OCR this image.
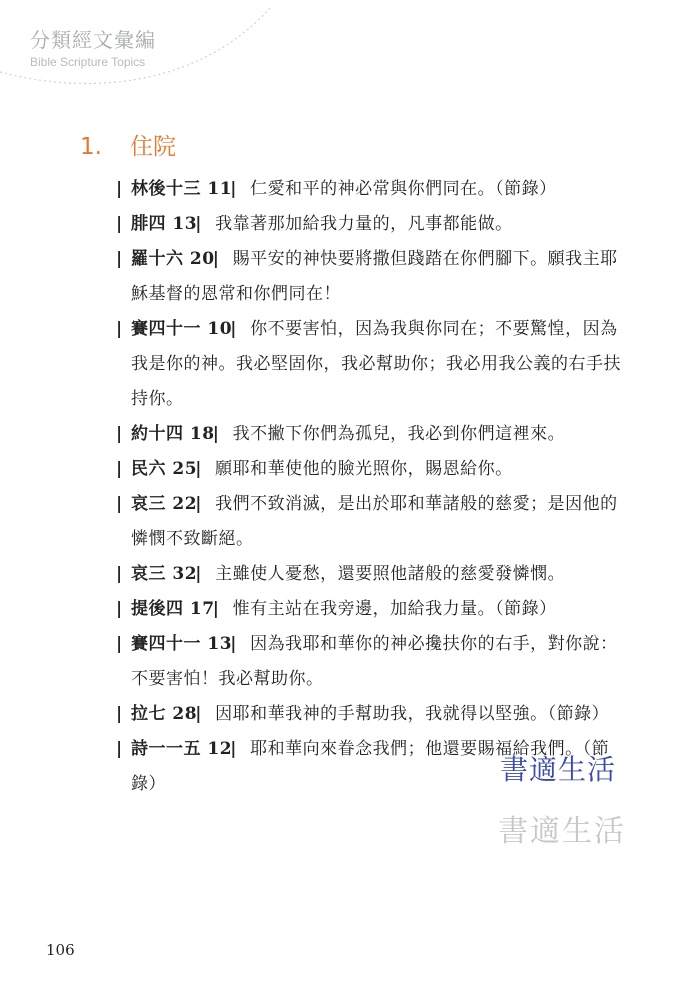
分類經文彙編
Bible Scripture Topics
1. 住院
| 林後十三 11| 仁愛和平的神必常與你們同在。（節錄）
| 腓四 13| 我靠著那加給我力量的，凡事都能做。
| 羅十六 20| 賜平安的神快要將撒但踐踏在你們腳下。願我主耶穌基督的恩常和你們同在！
| 賽四十一 10| 你不要害怕，因為我與你同在；不要驚惶，因為我是你的神。我必堅固你，我必幫助你；我必用我公義的右手扶持你。
| 約十四 18| 我不撇下你們為孤兒，我必到你們這裡來。
| 民六 25| 願耶和華使他的臉光照你，賜恩給你。
| 哀三 22| 我們不致消滅，是出於耶和華諸般的慈愛；是因他的憐憫不致斷絕。
| 哀三 32| 主雖使人憂愁，還要照他諸般的慈愛發憐憫。
| 提後四 17| 惟有主站在我旁邊，加給我力量。（節錄）
| 賽四十一 13| 因為我耶和華你的神必攙扶你的右手，對你說：不要害怕！我必幫助你。
| 拉七 28| 因耶和華我神的手幫助我，我就得以堅強。（節錄）
| 詩一一五 12| 耶和華向來眷念我們；他還要賜福給我們。（節錄）	書適生活
書適生活
106
